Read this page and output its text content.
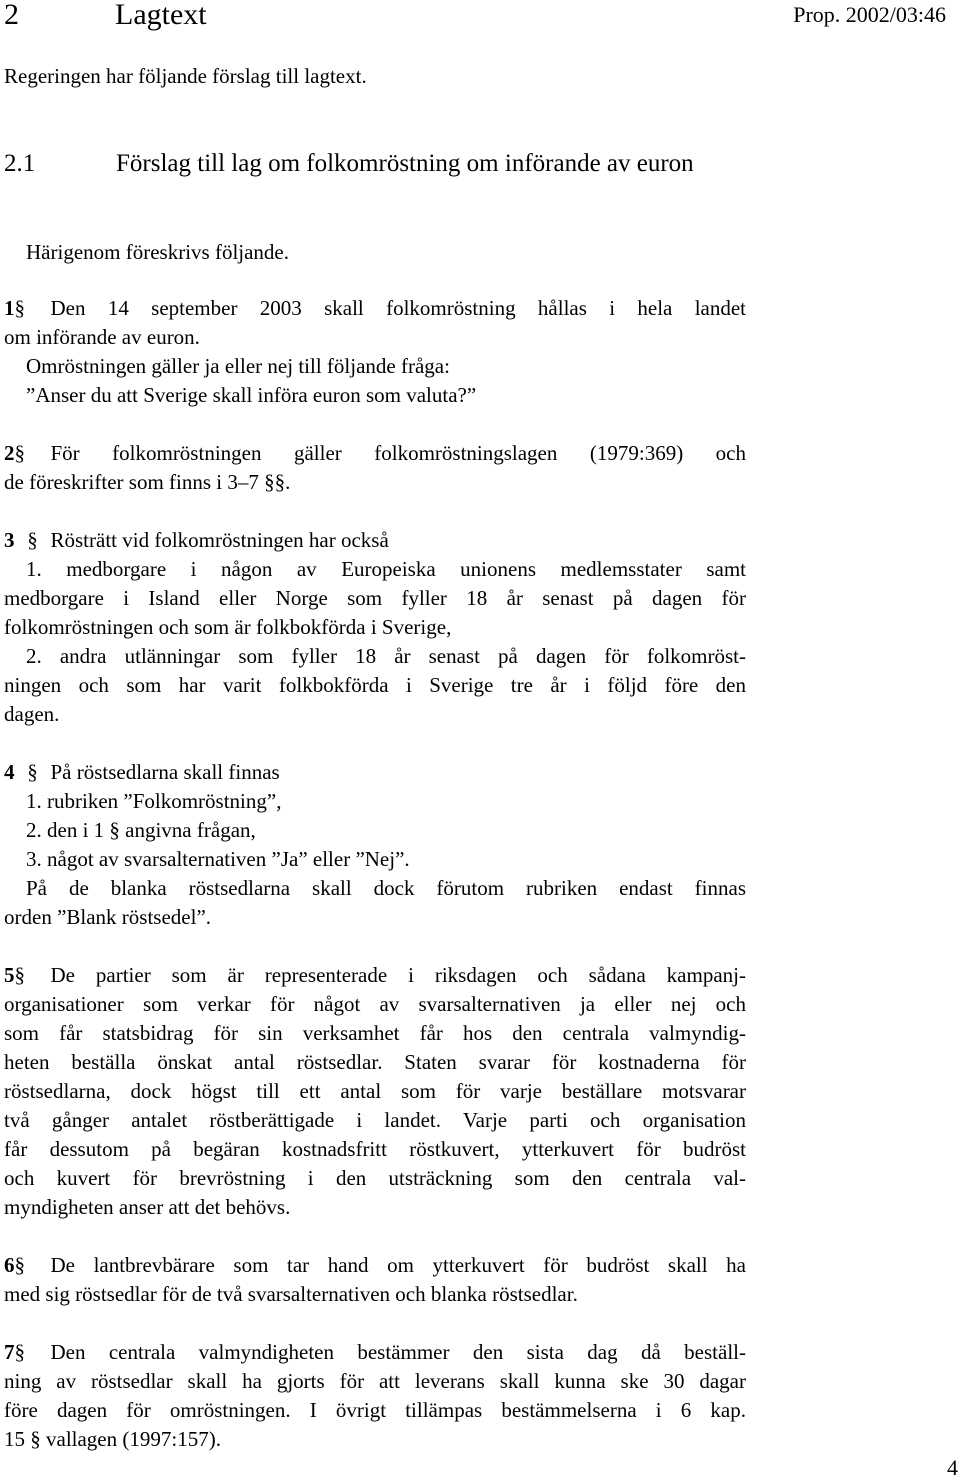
2	Lagtext	Prop. 2002/03:46

Regeringen har följande förslag till lagtext.

2.1	Förslag till lag om folkomröstning om införande av euron

Härigenom föreskrivs följande.

1§ Den 14 september 2003 skall folkomröstning hållas i hela landet

om införande av euron.

Omröstningen gäller ja eller nej till följande fråga:

”Anser du att Sverige skall införa euron som valuta?”

2§ För folkomröstningen gäller folkomröstningslagen (1979:369) och

de föreskrifter som finns i 3–7 §§.

3 § Rösträtt vid folkomröstningen har också

1. medborgare i någon av Europeiska unionens medlemsstater samt

medborgare i Island eller Norge som fyller 18 år senast på dagen för

folkomröstningen och som är folkbokförda i Sverige,

2. andra utlänningar som fyller 18 år senast på dagen för folkomröst-

ningen och som har varit folkbokförda i Sverige tre år i följd före den

dagen.

4 § På röstsedlarna skall finnas

1. rubriken ”Folkomröstning”,

2. den i 1 § angivna frågan,

3. något av svarsalternativen ”Ja” eller ”Nej”.

På de blanka röstsedlarna skall dock förutom rubriken endast finnas

orden ”Blank röstsedel”.

5§ De partier som är representerade i riksdagen och sådana kampanj-

organisationer som verkar för något av svarsalternativen ja eller nej och

som får statsbidrag för sin verksamhet får hos den centrala valmyndig-

heten beställa önskat antal röstsedlar. Staten svarar för kostnaderna för

röstsedlarna, dock högst till ett antal som för varje beställare motsvarar

två gånger antalet röstberättigade i landet. Varje parti och organisation

får dessutom på begäran kostnadsfritt röstkuvert, ytterkuvert för budröst

och kuvert för brevröstning i den utsträckning som den centrala val-

myndigheten anser att det behövs.

6§ De lantbrevbärare som tar hand om ytterkuvert för budröst skall ha

med sig röstsedlar för de två svarsalternativen och blanka röstsedlar.

7§ Den centrala valmyndigheten bestämmer den sista dag då beställ-

ning av röstsedlar skall ha gjorts för att leverans skall kunna ske 30 dagar

före dagen för omröstningen. I övrigt tillämpas bestämmelserna i 6 kap.

15 § vallagen (1997:157).

4
